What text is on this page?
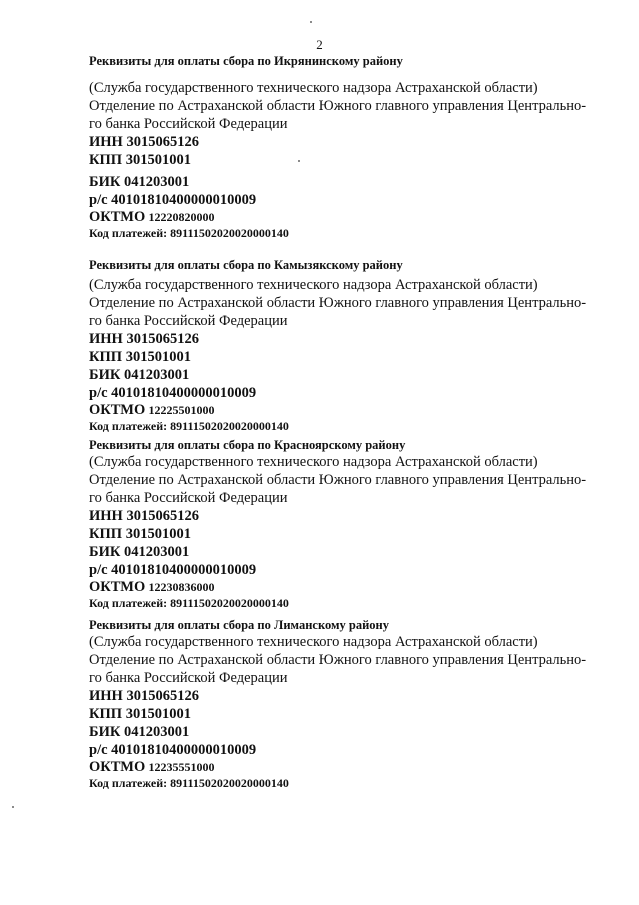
2

Реквизиты для оплаты сбора по Икрянинскому району

(Служба государственного технического надзора Астраханской области)

Отделение по Астраханской области Южного главного управления Центрально-

го банка Российской Федерации

ИНН 3015065126

КПП 301501001

БИК 041203001

р/с 40101810400000010009

ОКТМО 12220820000

Код платежей: 89111502020020000140

Реквизиты для оплаты сбора по Камызякскому району

(Служба государственного технического надзора Астраханской области)

Отделение по Астраханской области Южного главного управления Центрально-

го банка Российской Федерации

ИНН 3015065126

КПП 301501001

БИК 041203001

р/с 40101810400000010009

ОКТМО 12225501000

Код платежей: 89111502020020000140

Реквизиты для оплаты сбора по Красноярскому району

(Служба государственного технического надзора Астраханской области)

Отделение по Астраханской области Южного главного управления Центрально-

го банка Российской Федерации

ИНН 3015065126

КПП 301501001

БИК 041203001

р/с 40101810400000010009

ОКТМО 12230836000

Код платежей: 89111502020020000140

Реквизиты для оплаты сбора по Лиманскому району

(Служба государственного технического надзора Астраханской области)

Отделение по Астраханской области Южного главного управления Центрально-

го банка Российской Федерации

ИНН 3015065126

КПП 301501001

БИК 041203001

р/с 40101810400000010009

ОКТМО 12235551000

Код платежей: 89111502020020000140
